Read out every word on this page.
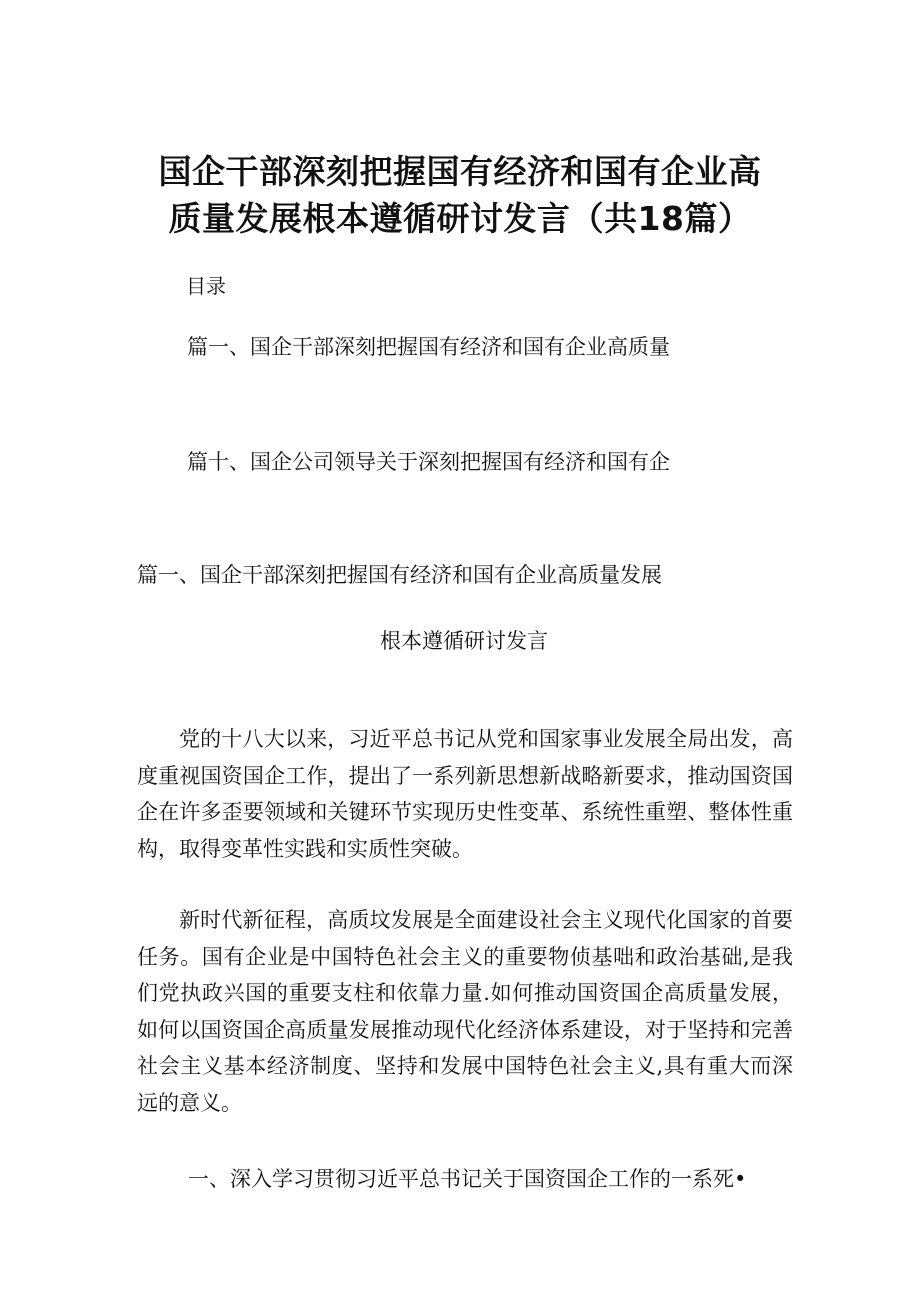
国企干部深刻把握国有经济和国有企业高
质量发展根本遵循研讨发言（共18篇）

目录

篇一、国企干部深刻把握国有经济和国有企业高质量

篇十、国企公司领导关于深刻把握国有经济和国有企

篇一、国企干部深刻把握国有经济和国有企业高质量发展

根本遵循研讨发言

党的十八大以来，习近平总书记从党和国家事业发展全局出发，高度重视国资国企工作，提出了一系列新思想新战略新要求，推动国资国企在许多歪要领域和关键环节实现历史性变革、系统性重塑、整体性重构，取得变革性实践和实质性突破。

新时代新征程，高质坟发展是全面建设社会主义现代化国家的首要任务。国有企业是中国特色社会主义的重要物侦基咄和政治基础,是我们党执政兴国的重要支柱和依靠力量.如何推动国资国企高质量发展，如何以国资国企高质量发展推动现代化经济体系建设，对于坚持和完善社会主义基本经济制度、坚持和发展中国特色社会主义,具有重大而深远的意义。

一、深入学习贯彻习近平总书记关于国资国企工作的一系死•
